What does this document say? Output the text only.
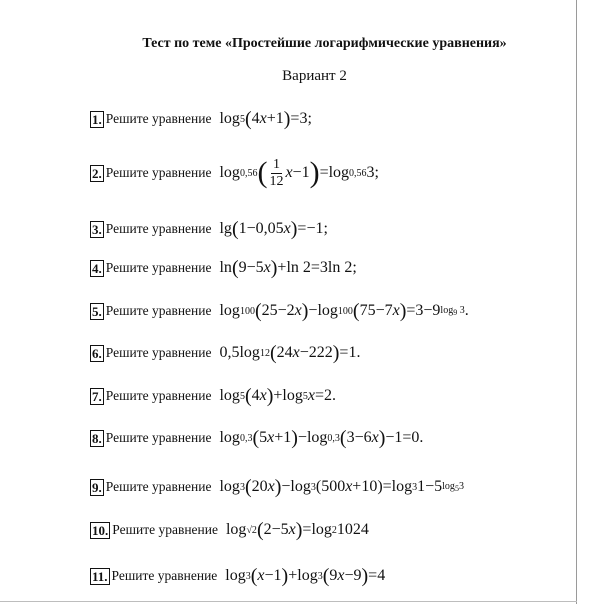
Тест по теме «Простейшие логарифмические уравнения»
Вариант 2
1. Решите уравнение log 5 ( 4 x +1 ) =3;
2. Решите уравнение log 0,56 ( $\frac{1}{12}$ x −1 ) =log 0,56 3;
3. Решите уравнение lg ( 1−0,05 x ) =−1;
4. Решите уравнение ln ( 9−5 x ) +ln 2=3ln 2;
5. Решите уравнение log 100 ( 25−2 x ) −log 100 ( 75−7 x ) =3−9 $\log_9 3$ .
6. Решите уравнение 0,5log 12 ( 24 x −222 ) =1.
7. Решите уравнение log 5 ( 4 x ) +log 5 x =2.
8. Решите уравнение log 0,3 ( 5 x +1 ) −log 0,3 ( 3−6 x ) −1=0.
9. Решите уравнение log 3 ( 20 x ) −log 3 (500 x +10)=log 3 1−5 $\log_53$
10. Решите уравнение log √2 ( 2−5 x ) =log 2 1024
11. Решите уравнение log 3 ( x −1 ) +log 3 ( 9 x −9 ) =4
